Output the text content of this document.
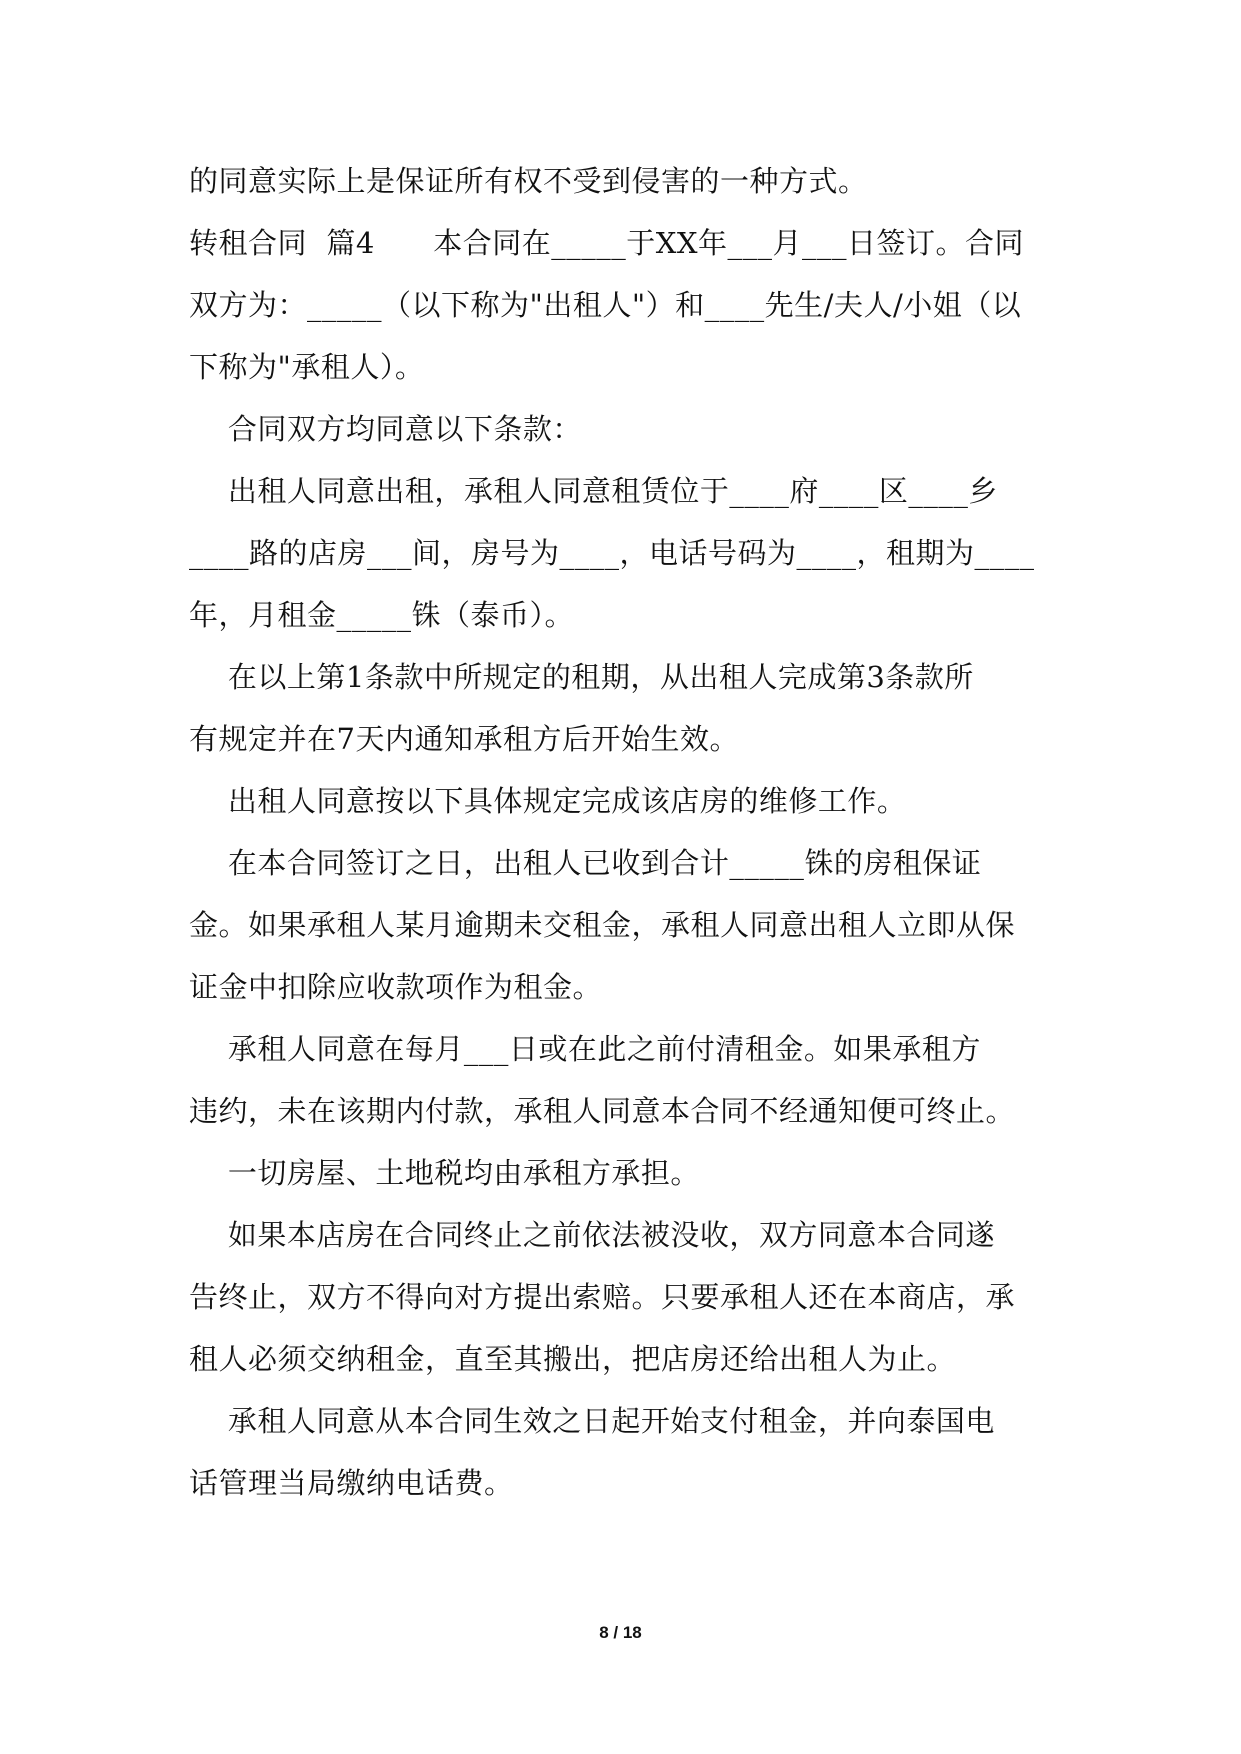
的同意实际上是保证所有权不受到侵害的一种方式。
转租合同  篇4      本合同在_____于XX年___月___日签订。合同
双方为：_____（以下称为"出租人"）和____先生/夫人/小姐（以
下称为"承租人）。
合同双方均同意以下条款：
出租人同意出租，承租人同意租赁位于____府____区____乡
____路的店房___间，房号为____，电话号码为____，租期为____
年，月租金_____铢（泰币）。
在以上第1条款中所规定的租期，从出租人完成第3条款所
有规定并在7天内通知承租方后开始生效。
出租人同意按以下具体规定完成该店房的维修工作。
在本合同签订之日，出租人已收到合计_____铢的房租保证
金。如果承租人某月逾期未交租金，承租人同意出租人立即从保
证金中扣除应收款项作为租金。
承租人同意在每月___日或在此之前付清租金。如果承租方
违约，未在该期内付款，承租人同意本合同不经通知便可终止。
一切房屋、土地税均由承租方承担。
如果本店房在合同终止之前依法被没收，双方同意本合同遂
告终止，双方不得向对方提出索赔。只要承租人还在本商店，承
租人必须交纳租金，直至其搬出，把店房还给出租人为止。
承租人同意从本合同生效之日起开始支付租金，并向泰国电
话管理当局缴纳电话费。
8 / 18
